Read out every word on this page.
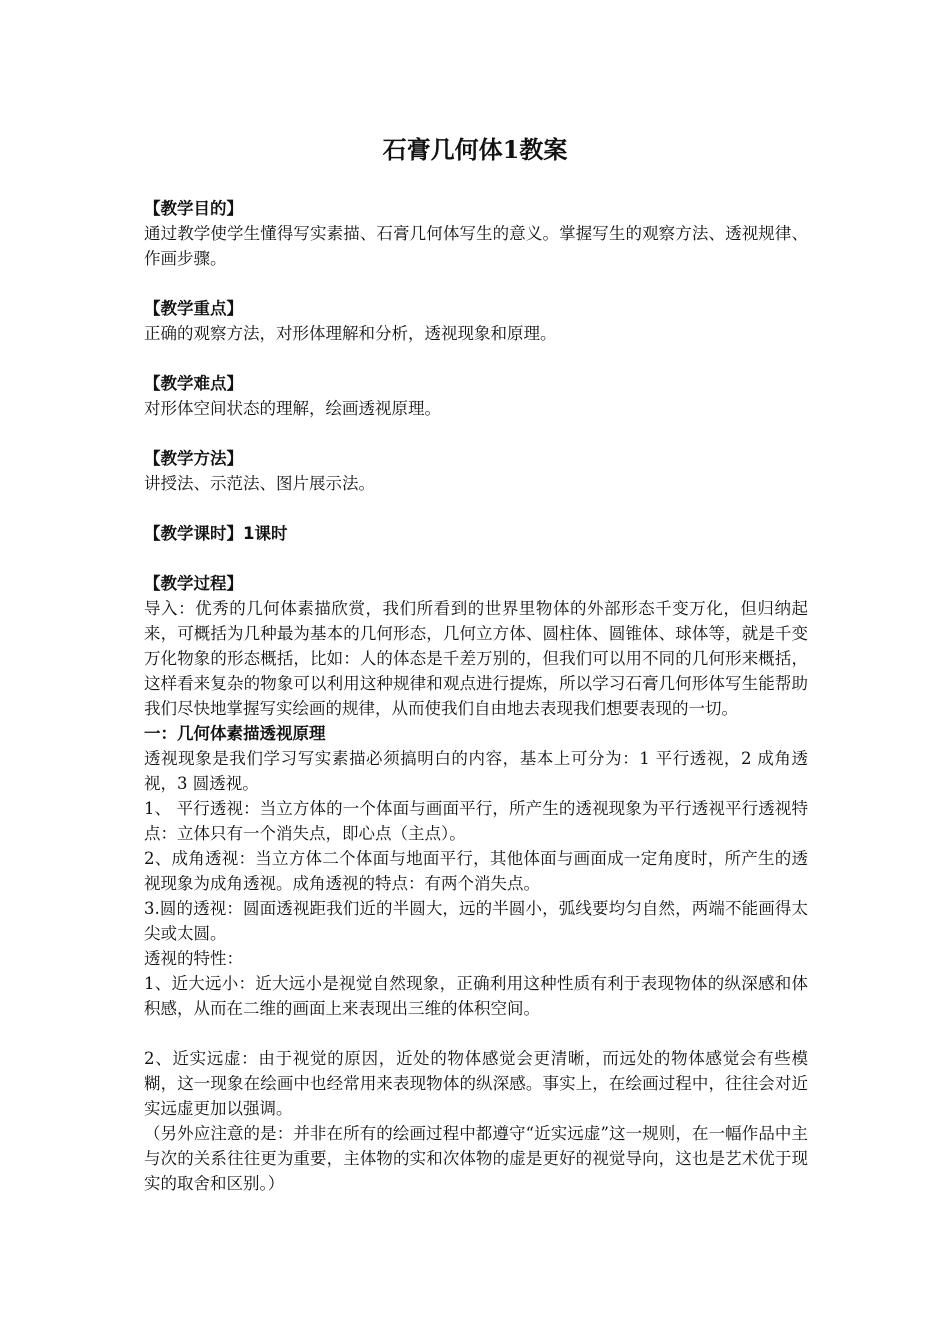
石膏几何体1教案

【教学目的】

通过教学使学生懂得写实素描、石膏几何体写生的意义。掌握写生的观察方法、透视规律、作画步骤。

【教学重点】

正确的观察方法，对形体理解和分析，透视现象和原理。

【教学难点】

对形体空间状态的理解，绘画透视原理。

【教学方法】

讲授法、示范法、图片展示法。

【教学课时】1课时

【教学过程】

导入：优秀的几何体素描欣赏，我们所看到的世界里物体的外部形态千变万化，但归纳起来，可概括为几种最为基本的几何形态，几何立方体、圆柱体、圆锥体、球体等，就是千变万化物象的形态概括，比如：人的体态是千差万别的，但我们可以用不同的几何形来概括，这样看来复杂的物象可以利用这种规律和观点进行提炼，所以学习石膏几何形体写生能帮助我们尽快地掌握写实绘画的规律，从而使我们自由地去表现我们想要表现的一切。

一：几何体素描透视原理

透视现象是我们学习写实素描必须搞明白的内容，基本上可分为：1 平行透视，2 成角透视，3 圆透视。

1、 平行透视：当立方体的一个体面与画面平行，所产生的透视现象为平行透视平行透视特点：立体只有一个消失点，即心点（主点）。

2、成角透视：当立方体二个体面与地面平行，其他体面与画面成一定角度时，所产生的透视现象为成角透视。成角透视的特点：有两个消失点。

3.圆的透视：圆面透视距我们近的半圆大，远的半圆小，弧线要均匀自然，两端不能画得太尖或太圆。

透视的特性：

1、近大远小：近大远小是视觉自然现象，正确利用这种性质有利于表现物体的纵深感和体积感，从而在二维的画面上来表现出三维的体积空间。

2、近实远虚：由于视觉的原因，近处的物体感觉会更清晰，而远处的物体感觉会有些模糊，这一现象在绘画中也经常用来表现物体的纵深感。事实上，在绘画过程中，往往会对近实远虚更加以强调。

（另外应注意的是：并非在所有的绘画过程中都遵守“近实远虚”这一规则，在一幅作品中主与次的关系往往更为重要，主体物的实和次体物的虚是更好的视觉导向，这也是艺术优于现实的取舍和区别。）
